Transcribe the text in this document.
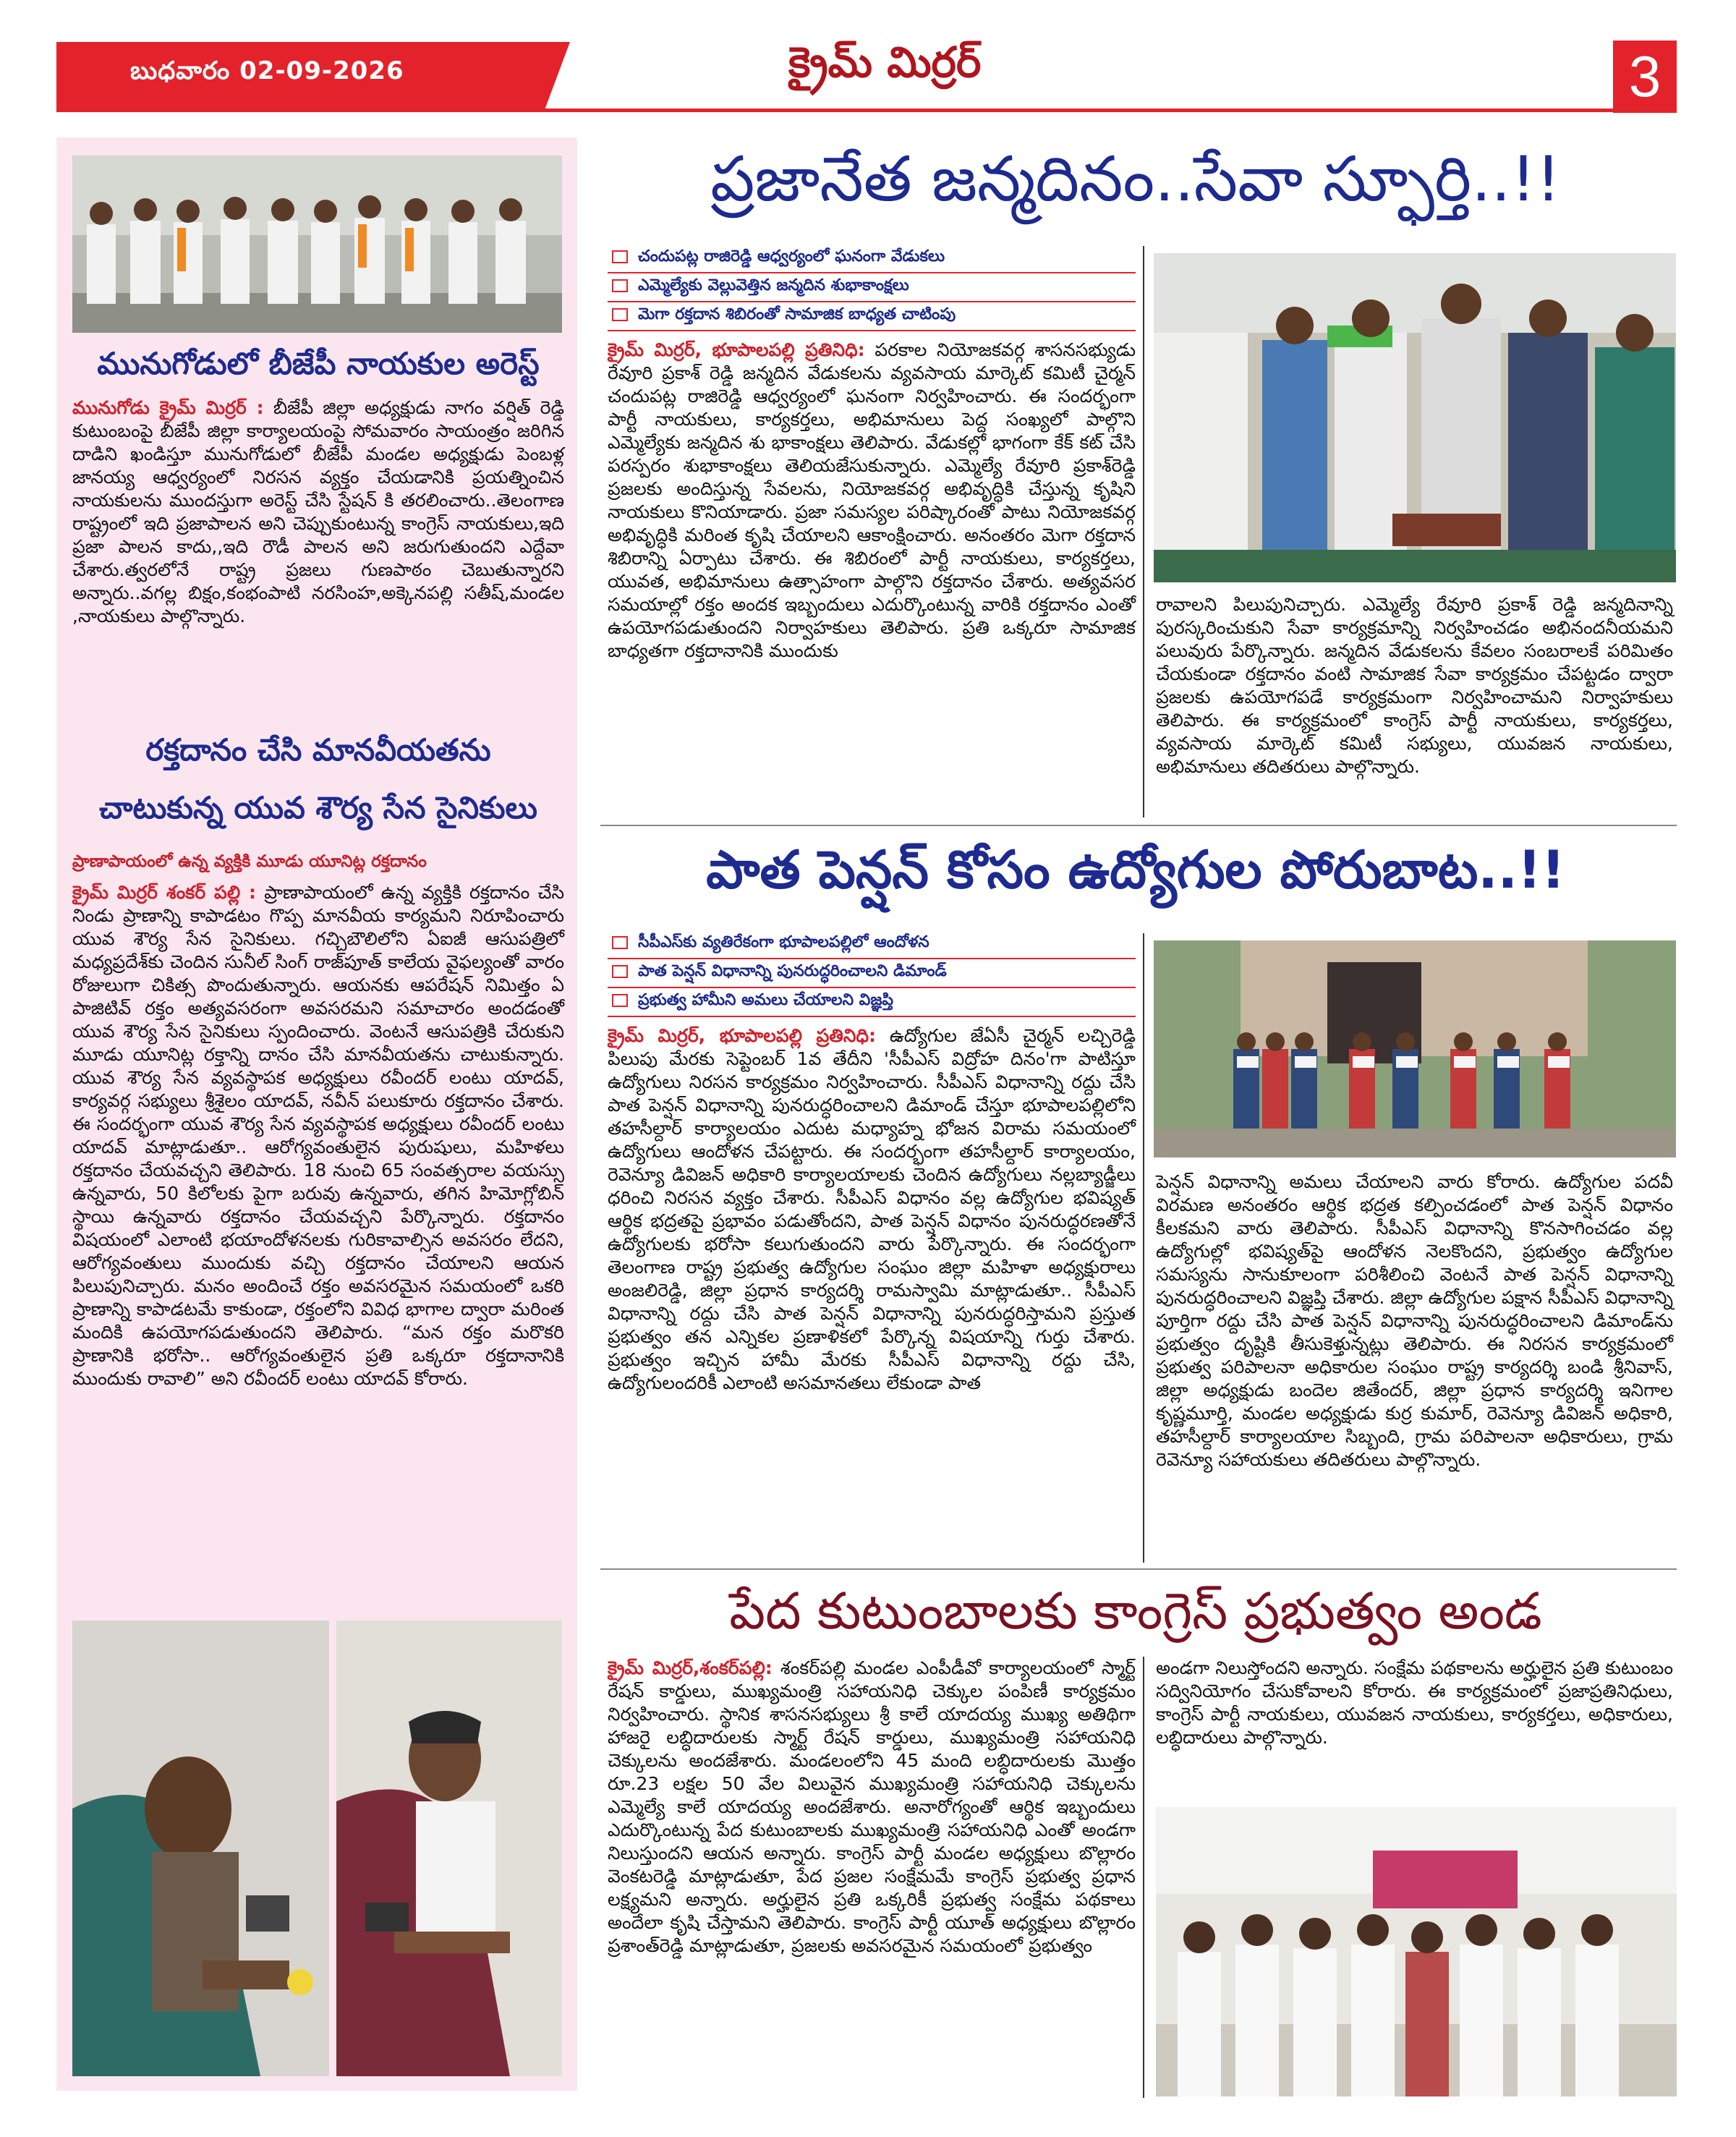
బుధవారం 02-09-2026	క్రైమ్ మిర్రర్	3
మునుగోడులో బీజేపీ నాయకుల అరెస్ట్
మునుగోడు క్రైమ్ మిర్రర్ : బీజేపీ జిల్లా అధ్యక్షుడు నాగం వర్షిత్ రెడ్డి కుటుంబంపై బీజేపీ జిల్లా కార్యాలయంపై సోమవారం సాయంత్రం జరిగిన దాడిని ఖండిస్తూ మునుగోడులో బీజేపీ మండల అధ్యక్షుడు పెంబళ్ల జానయ్య ఆధ్వర్యంలో నిరసన వ్యక్తం చేయడానికి ప్రయత్నించిన నాయకులను ముందస్తుగా అరెస్ట్ చేసి స్టేషన్ కి తరలించారు..తెలంగాణ రాష్ట్రంలో ఇది ప్రజాపాలన అని చెప్పుకుంటున్న కాంగ్రెస్ నాయకులు,ఇది ప్రజా పాలన కాదు,,ఇది రౌడీ పాలన అని జరుగుతుందని ఎద్దేవా చేశారు.త్వరలోనే రాష్ట్ర ప్రజలు గుణపాఠం చెబుతున్నారని అన్నారు..వగల్ల బిక్షం,కంభంపాటి నరసింహ,అక్కెనపల్లి సతీష్,మండల ,నాయకులు పాల్గొన్నారు.
రక్తదానం చేసి మానవీయతను
చాటుకున్న యువ శౌర్య సేన సైనికులు
ప్రాణాపాయంలో ఉన్న వ్యక్తికి మూడు యూనిట్ల రక్తదానం
క్రైమ్ మిర్రర్ శంకర్ పల్లి : ప్రాణాపాయంలో ఉన్న వ్యక్తికి రక్తదానం చేసి నిండు ప్రాణాన్ని కాపాడటం గొప్ప మానవీయ కార్యమని నిరూపించారు యువ శౌర్య సేన సైనికులు. గచ్చిబౌలిలోని ఏఐజీ ఆసుపత్రిలో మధ్యప్రదేశ్‌కు చెందిన సునీల్ సింగ్ రాజ్‌పూత్ కాలేయ వైఫల్యంతో వారం రోజులుగా చికిత్స పొందుతున్నారు. ఆయనకు ఆపరేషన్ నిమిత్తం ఏ పాజిటివ్ రక్తం అత్యవసరంగా అవసరమని సమాచారం అందడంతో యువ శౌర్య సేన సైనికులు స్పందించారు. వెంటనే ఆసుపత్రికి చేరుకుని మూడు యూనిట్ల రక్తాన్ని దానం చేసి మానవీయతను చాటుకున్నారు. యువ శౌర్య సేన వ్యవస్థాపక అధ్యక్షులు రవీందర్ లంటు యాదవ్, కార్యవర్గ సభ్యులు శ్రీశైలం యాదవ్, నవీన్ పలుకూరు రక్తదానం చేశారు. ఈ సందర్భంగా యువ శౌర్య సేన వ్యవస్థాపక అధ్యక్షులు రవీందర్ లంటు యాదవ్ మాట్లాడుతూ.. ఆరోగ్యవంతులైన పురుషులు, మహిళలు రక్తదానం చేయవచ్చని తెలిపారు. 18 నుంచి 65 సంవత్సరాల వయస్సు ఉన్నవారు, 50 కిలోలకు పైగా బరువు ఉన్నవారు, తగిన హిమోగ్లోబిన్ స్థాయి ఉన్నవారు రక్తదానం చేయవచ్చని పేర్కొన్నారు. రక్తదానం విషయంలో ఎలాంటి భయాందోళనలకు గురికావాల్సిన అవసరం లేదని, ఆరోగ్యవంతులు ముందుకు వచ్చి రక్తదానం చేయాలని ఆయన పిలుపునిచ్చారు. మనం అందించే రక్తం అవసరమైన సమయంలో ఒకరి ప్రాణాన్ని కాపాడటమే కాకుండా, రక్తంలోని వివిధ భాగాల ద్వారా మరింత మందికి ఉపయోగపడుతుందని తెలిపారు. “మన రక్తం మరొకరి ప్రాణానికి భరోసా.. ఆరోగ్యవంతులైన ప్రతి ఒక్కరూ రక్తదానానికి ముందుకు రావాలి” అని రవీందర్ లంటు యాదవ్ కోరారు.
ప్రజానేత జన్మదినం..సేవా స్ఫూర్తి..!!
చందుపట్ల రాజిరెడ్డి ఆధ్వర్యంలో ఘనంగా వేడుకలు
ఎమ్మెల్యేకు వెల్లువెత్తిన జన్మదిన శుభాకాంక్షలు
మెగా రక్తదాన శిబిరంతో సామాజిక బాధ్యత చాటింపు
క్రైమ్ మిర్రర్, భూపాలపల్లి ప్రతినిధి: పరకాల నియోజకవర్గ శాసనసభ్యుడు రేవూరి ప్రకాశ్ రెడ్డి జన్మదిన వేడుకలను వ్యవసాయ మార్కెట్ కమిటీ చైర్మన్ చందుపట్ల రాజిరెడ్డి ఆధ్వర్యంలో ఘనంగా నిర్వహించారు. ఈ సందర్భంగా పార్టీ నాయకులు, కార్యకర్తలు, అభిమానులు పెద్ద సంఖ్యలో పాల్గొని ఎమ్మెల్యేకు జన్మదిన శు భాకాంక్షలు తెలిపారు. వేడుకల్లో భాగంగా కేక్ కట్ చేసి పరస్పరం శుభాకాంక్షలు తెలియజేసుకున్నారు. ఎమ్మెల్యే రేవూరి ప్రకాశ్‌రెడ్డి ప్రజలకు అందిస్తున్న సేవలను, నియోజకవర్గ అభివృద్ధికి చేస్తున్న కృషిని నాయకులు కొనియాడారు. ప్రజా సమస్యల పరిష్కారంతో పాటు నియోజకవర్గ అభివృద్ధికి మరింత కృషి చేయాలని ఆకాంక్షించారు. అనంతరం మెగా రక్తదాన శిబిరాన్ని ఏర్పాటు చేశారు. ఈ శిబిరంలో పార్టీ నాయకులు, కార్యకర్తలు, యువత, అభిమానులు ఉత్సాహంగా పాల్గొని రక్తదానం చేశారు. అత్యవసర సమయాల్లో రక్తం అందక ఇబ్బందులు ఎదుర్కొంటున్న వారికి రక్తదానం ఎంతో ఉపయోగపడుతుందని నిర్వాహకులు తెలిపారు. ప్రతి ఒక్కరూ సామాజిక బాధ్యతగా రక్తదానానికి ముందుకు
రావాలని పిలుపునిచ్చారు. ఎమ్మెల్యే రేవూరి ప్రకాశ్ రెడ్డి జన్మదినాన్ని పురస్కరించుకుని సేవా కార్యక్రమాన్ని నిర్వహించడం అభినందనీయమని పలువురు పేర్కొన్నారు. జన్మదిన వేడుకలను కేవలం సంబరాలకే పరిమితం చేయకుండా రక్తదానం వంటి సామాజిక సేవా కార్యక్రమం చేపట్టడం ద్వారా ప్రజలకు ఉపయోగపడే కార్యక్రమంగా నిర్వహించామని నిర్వాహకులు తెలిపారు. ఈ కార్యక్రమంలో కాంగ్రెస్ పార్టీ నాయకులు, కార్యకర్తలు, వ్యవసాయ మార్కెట్ కమిటీ సభ్యులు, యువజన నాయకులు, అభిమానులు తదితరులు పాల్గొన్నారు.
పాత పెన్షన్ కోసం ఉద్యోగుల పోరుబాట..!!
సీపీఎస్‌కు వ్యతిరేకంగా భూపాలపల్లిలో ఆందోళన
పాత పెన్షన్ విధానాన్ని పునరుద్ధరించాలని డిమాండ్
ప్రభుత్వ హామీని అమలు చేయాలని విజ్ఞప్తి
క్రైమ్ మిర్రర్, భూపాలపల్లి ప్రతినిధి: ఉద్యోగుల జేఏసీ చైర్మన్ లచ్చిరెడ్డి పిలుపు మేరకు సెప్టెంబర్ 1వ తేదీని 'సీపీఎస్ విద్రోహ దినం'గా పాటిస్తూ ఉద్యోగులు నిరసన కార్యక్రమం నిర్వహించారు. సీపీఎస్ విధానాన్ని రద్దు చేసి పాత పెన్షన్ విధానాన్ని పునరుద్ధరించాలని డిమాండ్ చేస్తూ భూపాలపల్లిలోని తహసీల్దార్ కార్యాలయం ఎదుట మధ్యాహ్న భోజన విరామ సమయంలో ఉద్యోగులు ఆందోళన చేపట్టారు. ఈ సందర్భంగా తహసీల్దార్ కార్యాలయం, రెవెన్యూ డివిజన్ అధికారి కార్యాలయాలకు చెందిన ఉద్యోగులు నల్లబ్యాడ్జీలు ధరించి నిరసన వ్యక్తం చేశారు. సీపీఎస్ విధానం వల్ల ఉద్యోగుల భవిష్యత్ ఆర్థిక భద్రతపై ప్రభావం పడుతోందని, పాత పెన్షన్ విధానం పునరుద్ధరణతోనే ఉద్యోగులకు భరోసా కలుగుతుందని వారు పేర్కొన్నారు. ఈ సందర్భంగా తెలంగాణ రాష్ట్ర ప్రభుత్వ ఉద్యోగుల సంఘం జిల్లా మహిళా అధ్యక్షురాలు అంజలిరెడ్డి, జిల్లా ప్రధాన కార్యదర్శి రామస్వామి మాట్లాడుతూ.. సీపీఎస్ విధానాన్ని రద్దు చేసి పాత పెన్షన్ విధానాన్ని పునరుద్ధరిస్తామని ప్రస్తుత ప్రభుత్వం తన ఎన్నికల ప్రణాళికలో పేర్కొన్న విషయాన్ని గుర్తు చేశారు. ప్రభుత్వం ఇచ్చిన హామీ మేరకు సీపీఎస్ విధానాన్ని రద్దు చేసి, ఉద్యోగులందరికీ ఎలాంటి అసమానతలు లేకుండా పాత
పెన్షన్ విధానాన్ని అమలు చేయాలని వారు కోరారు. ఉద్యోగుల పదవీ విరమణ అనంతరం ఆర్థిక భద్రత కల్పించడంలో పాత పెన్షన్ విధానం కీలకమని వారు తెలిపారు. సీపీఎస్ విధానాన్ని కొనసాగించడం వల్ల ఉద్యోగుల్లో భవిష్యత్‌పై ఆందోళన నెలకొందని, ప్రభుత్వం ఉద్యోగుల సమస్యను సానుకూలంగా పరిశీలించి వెంటనే పాత పెన్షన్ విధానాన్ని పునరుద్ధరించాలని విజ్ఞప్తి చేశారు. జిల్లా ఉద్యోగుల పక్షాన సీపీఎస్ విధానాన్ని పూర్తిగా రద్దు చేసి పాత పెన్షన్ విధానాన్ని పునరుద్ధరించాలని డిమాండ్‌ను ప్రభుత్వం దృష్టికి తీసుకెళ్తున్నట్లు తెలిపారు. ఈ నిరసన కార్యక్రమంలో ప్రభుత్వ పరిపాలనా అధికారుల సంఘం రాష్ట్ర కార్యదర్శి బండి శ్రీనివాస్, జిల్లా అధ్యక్షుడు బందెల జితేందర్, జిల్లా ప్రధాన కార్యదర్శి ఇనిగాల కృష్ణమూర్తి, మండల అధ్యక్షుడు కుర్ర కుమార్, రెవెన్యూ డివిజన్ అధికారి, తహసీల్దార్ కార్యాలయాల సిబ్బంది, గ్రామ పరిపాలనా అధికారులు, గ్రామ రెవెన్యూ సహాయకులు తదితరులు పాల్గొన్నారు.
పేద కుటుంబాలకు కాంగ్రెస్ ప్రభుత్వం అండ
క్రైమ్ మిర్రర్,శంకర్‌పల్లి: శంకర్‌పల్లి మండల ఎంపీడీవో కార్యాలయంలో స్మార్ట్ రేషన్ కార్డులు, ముఖ్యమంత్రి సహాయనిధి చెక్కుల పంపిణీ కార్యక్రమం నిర్వహించారు. స్థానిక శాసనసభ్యులు శ్రీ కాలే యాదయ్య ముఖ్య అతిథిగా హాజరై లబ్ధిదారులకు స్మార్ట్ రేషన్ కార్డులు, ముఖ్యమంత్రి సహాయనిధి చెక్కులను అందజేశారు. మండలంలోని 45 మంది లబ్ధిదారులకు మొత్తం రూ.23 లక్షల 50 వేల విలువైన ముఖ్యమంత్రి సహాయనిధి చెక్కులను ఎమ్మెల్యే కాలే యాదయ్య అందజేశారు. అనారోగ్యంతో ఆర్థిక ఇబ్బందులు ఎదుర్కొంటున్న పేద కుటుంబాలకు ముఖ్యమంత్రి సహాయనిధి ఎంతో అండగా నిలుస్తుందని ఆయన అన్నారు. కాంగ్రెస్ పార్టీ మండల అధ్యక్షులు బొల్లారం వెంకటరెడ్డి మాట్లాడుతూ, పేద ప్రజల సంక్షేమమే కాంగ్రెస్ ప్రభుత్వ ప్రధాన లక్ష్యమని అన్నారు. అర్హులైన ప్రతి ఒక్కరికీ ప్రభుత్వ సంక్షేమ పథకాలు అందేలా కృషి చేస్తామని తెలిపారు. కాంగ్రెస్ పార్టీ యూత్ అధ్యక్షులు బొల్లారం ప్రశాంత్‌రెడ్డి మాట్లాడుతూ, ప్రజలకు అవసరమైన సమయంలో ప్రభుత్వం
అండగా నిలుస్తోందని అన్నారు. సంక్షేమ పథకాలను అర్హులైన ప్రతి కుటుంబం సద్వినియోగం చేసుకోవాలని కోరారు. ఈ కార్యక్రమంలో ప్రజాప్రతినిధులు, కాంగ్రెస్ పార్టీ నాయకులు, యువజన నాయకులు, కార్యకర్తలు, అధికారులు, లబ్ధిదారులు పాల్గొన్నారు.
